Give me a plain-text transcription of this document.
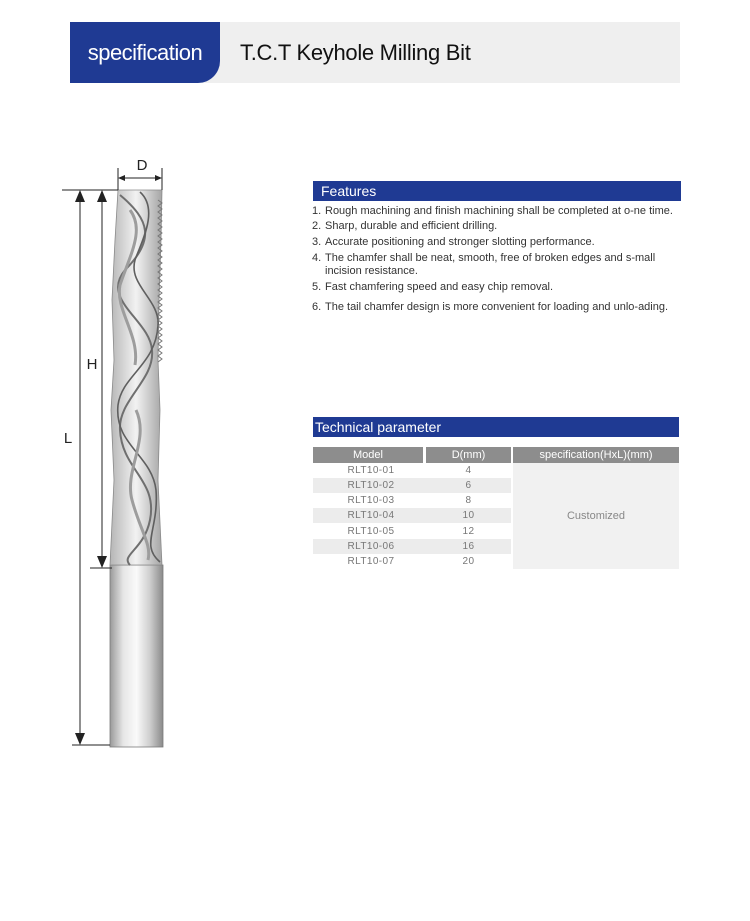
specification	T.C.T Keyhole Milling Bit
D
L
H
Features
1. Rough machining and finish machining shall be completed at o-ne time.
2. Sharp, durable and efficient drilling.
3. Accurate positioning and stronger slotting performance.
4. The chamfer shall be neat, smooth, free of broken edges and s-mall incision resistance.
5. Fast chamfering speed and easy chip removal.
6. The tail chamfer design is more convenient for loading and unlo-ading.
Technical parameter
Model	D(mm)	specification(HxL)(mm)
RLT10-01	4
RLT10-02	6
RLT10-03	8
RLT10-04	10
RLT10-05	12
RLT10-06	16
RLT10-07	20
Customized
